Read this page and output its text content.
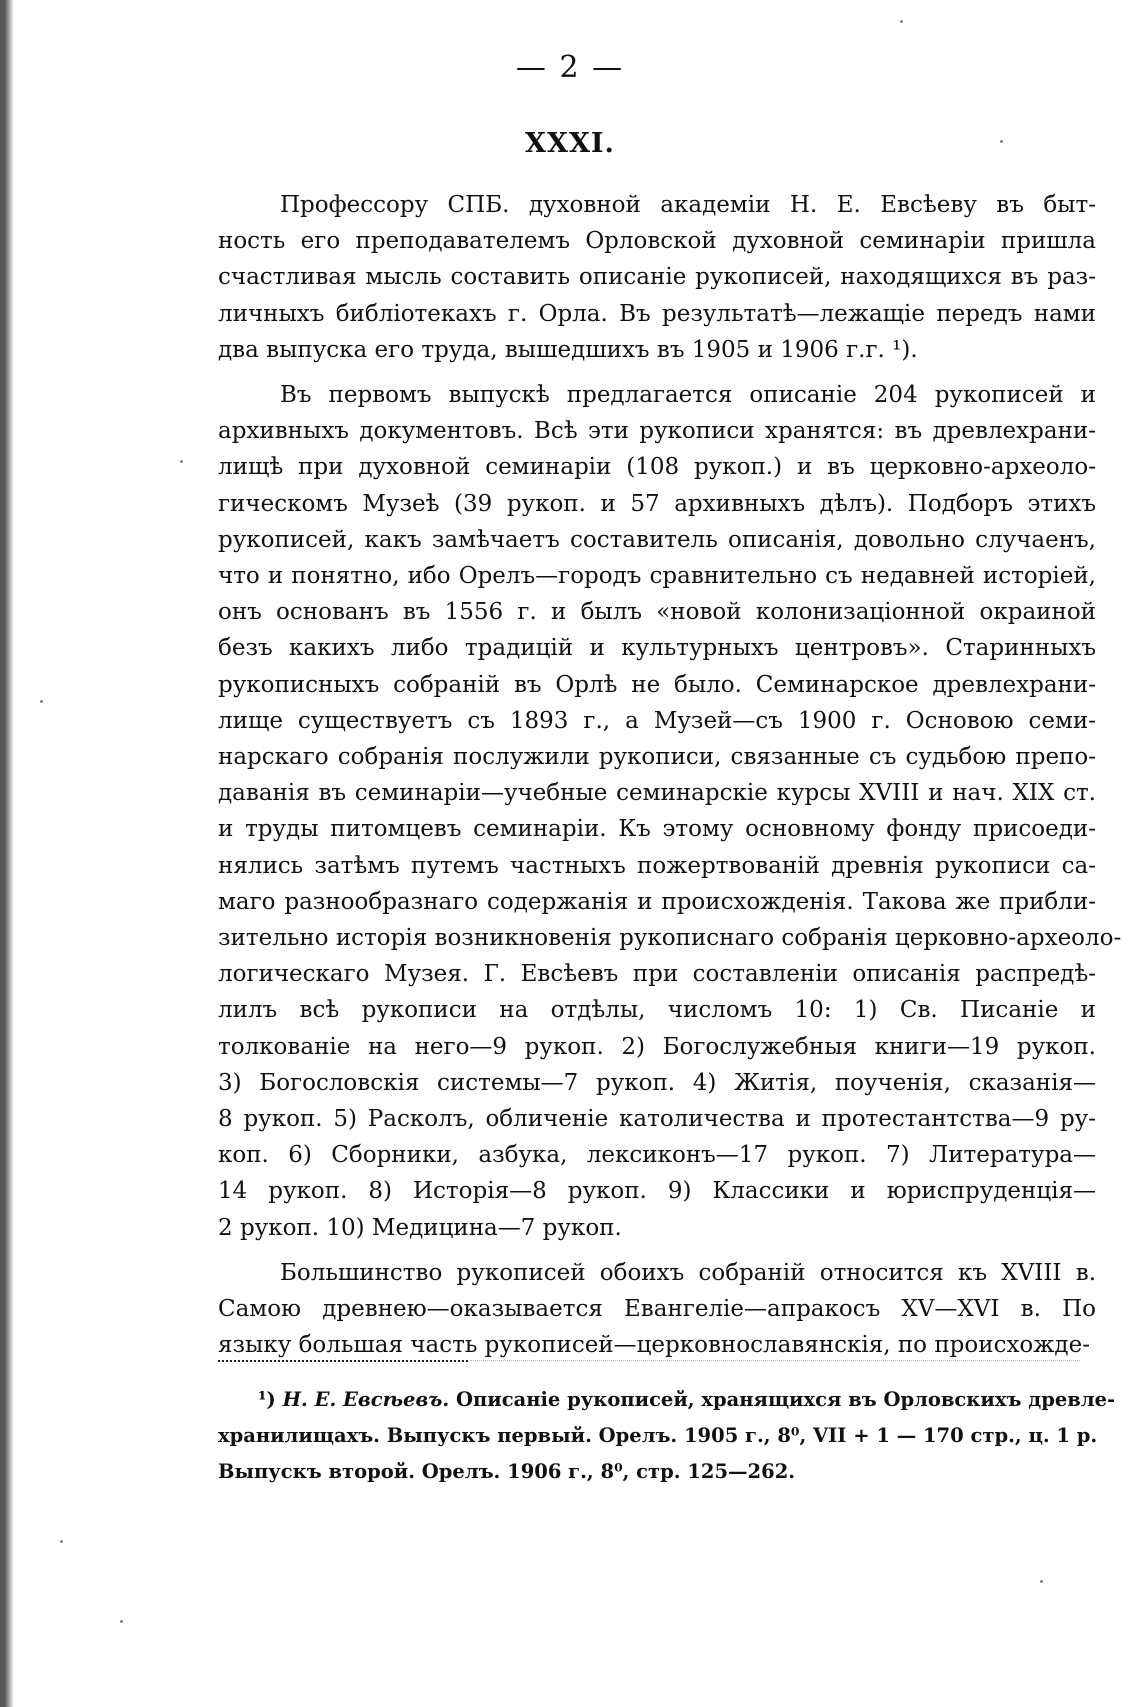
— 2 —
XXXI.
Профессору СПБ. духовной академіи Н. Е. Евсѣеву въ быт-
ность его преподавателемъ Орловской духовной семинаріи пришла
счастливая мысль составить описаніе рукописей, находящихся въ раз-
личныхъ библіотекахъ г. Орла. Въ результатѣ—лежащіе передъ нами
два выпуска его труда, вышедшихъ въ 1905 и 1906 г.г. ¹).
Въ первомъ выпускѣ предлагается описаніе 204 рукописей и
архивныхъ документовъ. Всѣ эти рукописи хранятся: въ древлехрани-
лищѣ при духовной семинаріи (108 рукоп.) и въ церковно-археоло-
гическомъ Музеѣ (39 рукоп. и 57 архивныхъ дѣлъ). Подборъ этихъ
рукописей, какъ замѣчаетъ составитель описанія, довольно случаенъ,
что и понятно, ибо Орелъ—городъ сравнительно съ недавней исторіей,
онъ основанъ въ 1556 г. и былъ «новой колонизаціонной окраиной
безъ какихъ либо традицій и культурныхъ центровъ». Старинныхъ
рукописныхъ собраній въ Орлѣ не было. Семинарское древлехрани-
лище существуетъ съ 1893 г., а Музей—съ 1900 г. Основою семи-
нарскаго собранія послужили рукописи, связанные съ судьбою препо-
даванія въ семинаріи—учебные семинарскіе курсы XVIII и нач. XIX ст.
и труды питомцевъ семинаріи. Къ этому основному фонду присоеди-
нялись затѣмъ путемъ частныхъ пожертвованій древнія рукописи са-
маго разнообразнаго содержанія и происхожденія. Такова же прибли-
зительно исторія возникновенія рукописнаго собранія церковно-археоло-
логическаго Музея. Г. Евсѣевъ при составленіи описанія распредѣ-
лилъ всѣ рукописи на отдѣлы, числомъ 10: 1) Св. Писаніе и
толкованіе на него—9 рукоп. 2) Богослужебныя книги—19 рукоп.
3) Богословскія системы—7 рукоп. 4) Житія, поученія, сказанія—
8 рукоп. 5) Расколъ, обличеніе католичества и протестантства—9 ру-
коп. 6) Сборники, азбука, лексиконъ—17 рукоп. 7) Литература—
14 рукоп. 8) Исторія—8 рукоп. 9) Классики и юриспруденція—
2 рукоп. 10) Медицина—7 рукоп.
Большинство рукописей обоихъ собраній относится къ XVIII в.
Самою древнею—оказывается Евангеліе—апракосъ XV—XVI в. По
языку большая часть рукописей—церковнославянскія, по происхожде-
¹) Н. Е. Евсѣевъ. Описаніе рукописей, хранящихся въ Орловскихъ древле-
хранилищахъ. Выпускъ первый. Орелъ. 1905 г., 8⁰, VII + 1 — 170 стр., ц. 1 р.
Выпускъ второй. Орелъ. 1906 г., 8⁰, стр. 125—262.
